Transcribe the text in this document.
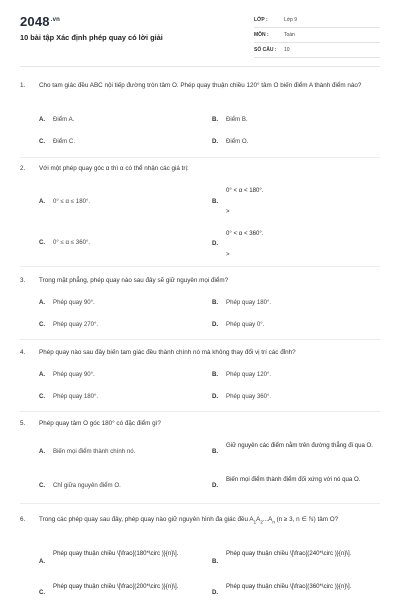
$2048^{.vn}$
10 bài tập Xác định phép quay có lời giải
LỚP :	Lớp 9
MÔN :	Toán
SỐ CÂU : 10
1. Cho tam giác đều ABC nội tiếp đường tròn tâm O. Phép quay thuận chiều 120° tâm O biến điểm A thành điểm nào?
A. Điểm A.	B. Điểm B.
C. Điểm C.	D. Điểm O.
2. Với một phép quay góc α thì α có thể nhận các giá trị:
A. 0° ≤ α ≤ 180°.	B.
0° < α < 180°.
>
C. 0° ≤ α ≤ 360°.	D.
0° < α < 360°.
>
3. Trong mặt phẳng, phép quay nào sau đây sẽ giữ nguyên mọi điểm?
A. Phép quay 90°.	B. Phép quay 180°.
C. Phép quay 270°.	D. Phép quay 0°.
4. Phép quay nào sau đây biến tam giác đều thành chính nó mà không thay đổi vị trí các đỉnh?
A. Phép quay 90°.	B. Phép quay 120°.
C. Phép quay 180°.	D. Phép quay 360°.
5. Phép quay tâm O góc 180° có đặc điểm gì?
A. Biến mọi điểm thành chính nó.	B.
Giữ nguyên các điểm nằm trên đường thẳng đi qua O.
C. Chỉ giữa nguyên điểm O.	D.
Biến mọi điểm thành điểm đối xứng với nó qua O.
6. Trong các phép quay sau đây, phép quay nào giữ nguyên hình đa giác đều $A_1A_2...A_n$ (n ≥ 3, n ∈ ℕ) tâm O?
A.
Phép quay thuận chiều \[\frac{(180*\circ )}{n}\].
B.
Phép quay thuận chiều \[\frac{(240*\circ )}{n}\].
C.
Phép quay thuận chiều \[\frac{(200*\circ )}{n}\].
D.
Phép quay thuận chiều \[\frac{(360*\circ )}{n}\].
